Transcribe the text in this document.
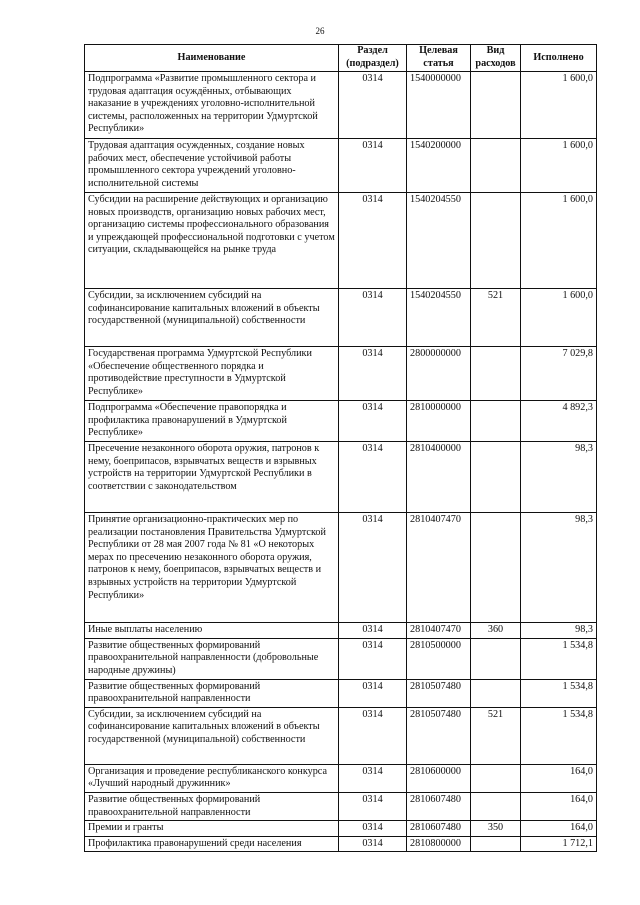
26
Наименование	Раздел (подраздел)	Целевая статья	Вид расходов	Исполнено
Подпрограмма «Развитие промышленного сектора и трудовая адаптация осуждённых, отбывающих наказание в учреждениях уголовно-исполнительной системы, расположенных на территории Удмуртской Республики»	0314	1540000000		1 600,0
Трудовая адаптация осужденных, создание новых рабочих мест, обеспечение устойчивой работы промышленного сектора учреждений уголовно-исполнительной системы	0314	1540200000		1 600,0
Субсидии на расширение действующих и организацию новых производств, организацию новых рабочих мест, организацию системы профессионального образования и упреждающей профессиональной подготовки с учетом ситуации, складывающейся на рынке труда	0314	1540204550		1 600,0
Субсидии, за исключением субсидий на софинансирование капитальных вложений в объекты государственной (муниципальной) собственности	0314	1540204550	521	1 600,0
Государственая программа Удмуртской Республики «Обеспечение общественного порядка и противодействие преступности в Удмуртской Республике»	0314	2800000000		7 029,8
Подпрограмма «Обеспечение правопорядка и профилактика правонарушений в Удмуртской Республике»	0314	2810000000		4 892,3
Пресечение незаконного оборота оружия, патронов к нему, боеприпасов, взрывчатых веществ и взрывных устройств на территории Удмуртской Республики в соответствии с законодательством	0314	2810400000		98,3
Принятие организационно-практических мер по реализации постановления Правительства Удмуртской Республики от 28 мая 2007 года № 81 «О некоторых мерах по пресечению незаконного оборота оружия, патронов к нему, боеприпасов, взрывчатых веществ и взрывных устройств на территории Удмуртской Республики»	0314	2810407470		98,3
Иные выплаты населению	0314	2810407470	360	98,3
Развитие общественных формирований правоохранительной направленности (добровольные народные дружины)	0314	2810500000		1 534,8
Развитие общественных формирований правоохранительной направленности	0314	2810507480		1 534,8
Субсидии, за исключением субсидий на софинансирование капитальных вложений в объекты государственной (муниципальной) собственности	0314	2810507480	521	1 534,8
Организация и проведение республиканского конкурса «Лучший народный дружинник»	0314	2810600000		164,0
Развитие общественных формирований правоохранительной направленности	0314	2810607480		164,0
Премии и гранты	0314	2810607480	350	164,0
Профилактика правонарушений среди населения	0314	2810800000		1 712,1
